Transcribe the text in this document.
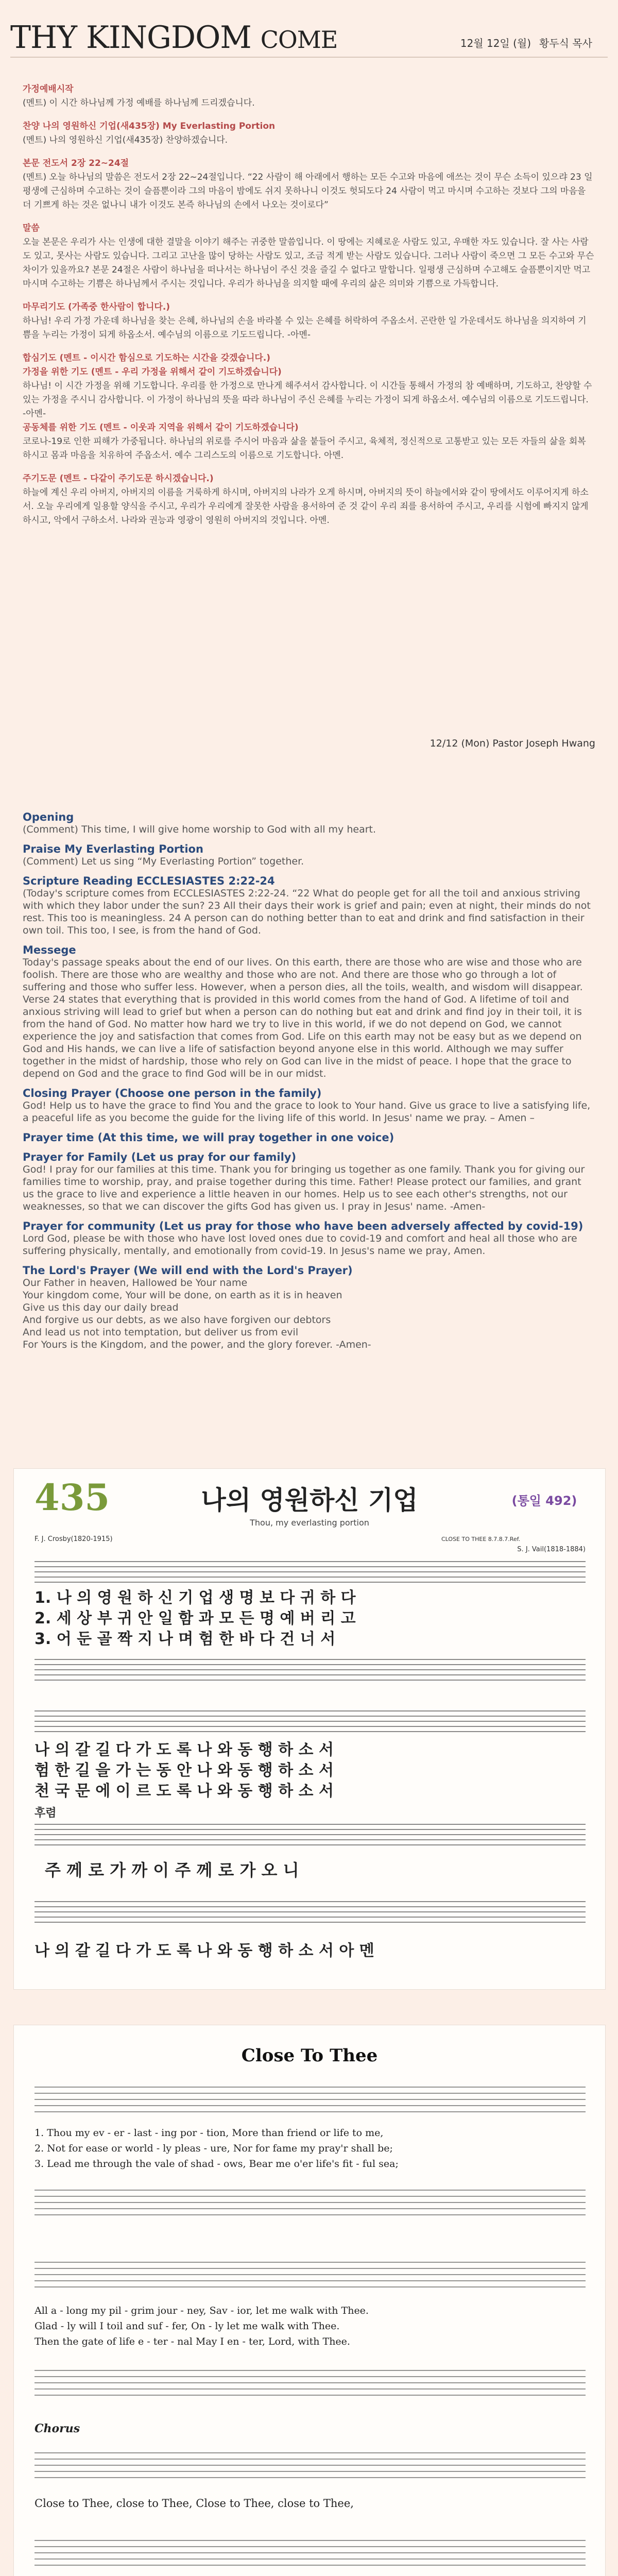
THY KINGDOM COME	12월 12일 (월) 황두식 목사

가정예배시작

(멘트) 이 시간 하나님께 가정 예배를 하나님께 드리겠습니다.

찬양 나의 영원하신 기업(새435장) My Everlasting Portion

(멘트) 나의 영원하신 기업(새435장) 찬양하겠습니다.

본문 전도서 2장 22~24절

(멘트) 오늘 하나님의 말씀은 전도서 2장 22~24절입니다. “22 사람이 해 아래에서 행하는 모든 수고와 마음에 애쓰는 것이 무슨 소득이 있으랴 23 일평생에 근심하며 수고하는 것이 슬픔뿐이라 그의 마음이 밤에도 쉬지 못하나니 이것도 헛되도다 24 사람이 먹고 마시며 수고하는 것보다 그의 마음을 더 기쁘게 하는 것은 없나니 내가 이것도 본즉 하나님의 손에서 나오는 것이로다”

말씀

오늘 본문은 우리가 사는 인생에 대한 결말을 이야기 해주는 귀중한 말씀입니다. 이 땅에는 지혜로운 사람도 있고, 우매한 자도 있습니다. 잘 사는 사람도 있고, 못사는 사람도 있습니다. 그리고 고난을 많이 당하는 사람도 있고, 조금 적게 받는 사람도 있습니다. 그러나 사람이 죽으면 그 모든 수고와 무슨 차이가 있을까요? 본문 24절은 사람이 하나님을 떠나서는 하나님이 주신 것을 즐길 수 없다고 말합니다. 일평생 근심하며 수고해도 슬픔뿐이지만 먹고 마시며 수고하는 기쁨은 하나님께서 주시는 것입니다. 우리가 하나님을 의지할 때에 우리의 삶은 의미와 기쁨으로 가득합니다.

마무리기도 (가족중 한사람이 합니다.)

하나님! 우리 가정 가운데 하나님을 찾는 은혜, 하나님의 손을 바라볼 수 있는 은혜를 허락하여 주옵소서. 곤란한 일 가운데서도 하나님을 의지하여 기쁨을 누리는 가정이 되게 하옵소서. 예수님의 이름으로 기도드립니다. -아멘-

합심기도 (멘트 - 이시간 함심으로 기도하는 시간을 갖겠습니다.)

가정을 위한 기도 (멘트 - 우리 가정을 위해서 같이 기도하겠습니다)

하나님! 이 시간 가정을 위해 기도합니다. 우리를 한 가정으로 만나게 해주셔서 감사합니다. 이 시간들 통해서 가정의 참 예배하며, 기도하고, 찬양할 수 있는 가정을 주시니 감사합니다. 이 가정이 하나님의 뜻을 따라 하나님이 주신 은혜를 누리는 가정이 되게 하옵소서. 예수님의 이름으로 기도드립니다. -아멘-

공동체를 위한 기도 (멘트 - 이웃과 지역을 위해서 같이 기도하겠습니다)

코로나-19로 인한 피해가 가중됩니다. 하나님의 위로를 주시어 마음과 삶을 붙들어 주시고, 육체적, 정신적으로 고통받고 있는 모든 자들의 삶을 회복하시고 몸과 마음을 치유하여 주옵소서. 예수 그리스도의 이름으로 기도합니다. 아멘.

주기도문 (멘트 - 다같이 주기도문 하시겠습니다.)

하늘에 계신 우리 아버지, 아버지의 이름을 거룩하게 하시며, 아버지의 나라가 오게 하시며, 아버지의 뜻이 하늘에서와 같이 땅에서도 이루어지게 하소서. 오늘 우리에게 일용할 양식을 주시고, 우리가 우리에게 잘못한 사람을 용서하여 준 것 같이 우리 죄를 용서하여 주시고, 우리를 시험에 빠지지 않게 하시고, 악에서 구하소서. 나라와 권능과 영광이 영원히 아버지의 것입니다. 아멘.

12/12 (Mon) Pastor Joseph Hwang

Opening

(Comment) This time, I will give home worship to God with all my heart.

Praise My Everlasting Portion

(Comment) Let us sing “My Everlasting Portion” together.

Scripture Reading ECCLESIASTES 2:22-24

(Today's scripture comes from ECCLESIASTES 2:22-24. “22 What do people get for all the toil and anxious striving with which they labor under the sun? 23 All their days their work is grief and pain; even at night, their minds do not rest. This too is meaningless. 24 A person can do nothing better than to eat and drink and find satisfaction in their own toil. This too, I see, is from the hand of God.

Messege

Today's passage speaks about the end of our lives. On this earth, there are those who are wise and those who are foolish. There are those who are wealthy and those who are not. And there are those who go through a lot of suffering and those who suffer less. However, when a person dies, all the toils, wealth, and wisdom will disappear. Verse 24 states that everything that is provided in this world comes from the hand of God. A lifetime of toil and anxious striving will lead to grief but when a person can do nothing but eat and drink and find joy in their toil, it is from the hand of God. No matter how hard we try to live in this world, if we do not depend on God, we cannot experience the joy and satisfaction that comes from God. Life on this earth may not be easy but as we depend on God and His hands, we can live a life of satisfaction beyond anyone else in this world. Although we may suffer together in the midst of hardship, those who rely on God can live in the midst of peace. I hope that the grace to depend on God and the grace to find God will be in our midst.

Closing Prayer (Choose one person in the family)

God! Help us to have the grace to find You and the grace to look to Your hand. Give us grace to live a satisfying life, a peaceful life as you become the guide for the living life of this world. In Jesus' name we pray. – Amen –

Prayer time (At this time, we will pray together in one voice)

Prayer for Family (Let us pray for our family)

God! I pray for our families at this time. Thank you for bringing us together as one family. Thank you for giving our families time to worship, pray, and praise together during this time. Father! Please protect our families, and grant us the grace to live and experience a little heaven in our homes. Help us to see each other's strengths, not our weaknesses, so that we can discover the gifts God has given us. I pray in Jesus' name. -Amen-

Prayer for community (Let us pray for those who have been adversely affected by covid-19)

Lord God, please be with those who have lost loved ones due to covid-19 and comfort and heal all those who are suffering physically, mentally, and emotionally from covid-19. In Jesus's name we pray, Amen.

The Lord's Prayer (We will end with the Lord's Prayer)

Our Father in heaven, Hallowed be Your name

Your kingdom come, Your will be done, on earth as it is in heaven

Give us this day our daily bread

And forgive us our debts, as we also have forgiven our debtors

And lead us not into temptation, but deliver us from evil

For Yours is the Kingdom, and the power, and the glory forever. -Amen-

435	나의 영원하신 기업
Thou, my everlasting portion
(통일 492)
F. J. Crosby(1820-1915)	CLOSE TO THEE 8.7.8.7.Ref.
S. J. Vail(1818-1884)
1. 나 의 영 원 하 신 기 업 생 명 보 다 귀 하 다
2. 세 상 부 귀 안 일 함 과 모 든 명 예 버 리 고
3. 어 둔 골 짝 지 나 며 험 한 바 다 건 너 서
나 의 갈 길 다 가 도 록 나 와 동 행 하 소 서
험 한 길 을 가 는 동 안 나 와 동 행 하 소 서
천 국 문 에 이 르 도 록 나 와 동 행 하 소 서
후렴
주 께 로 가 까 이 주 께 로 가 오 니
나 의 갈 길 다 가 도 록 나 와 동 행 하 소 서 아 멘
Close To Thee
1. Thou my ev - er - last - ing por - tion, More than friend or life to me,
2. Not for ease or world - ly pleas - ure, Nor for fame my pray'r shall be;
3. Lead me through the vale of shad - ows, Bear me o'er life's fit - ful sea;
All a - long my pil - grim jour - ney, Sav - ior, let me walk with Thee.
Glad - ly will I toil and suf - fer, On - ly let me walk with Thee.
Then the gate of life e - ter - nal May I en - ter, Lord, with Thee.
Chorus
Close to Thee, close to Thee, Close to Thee, close to Thee,
